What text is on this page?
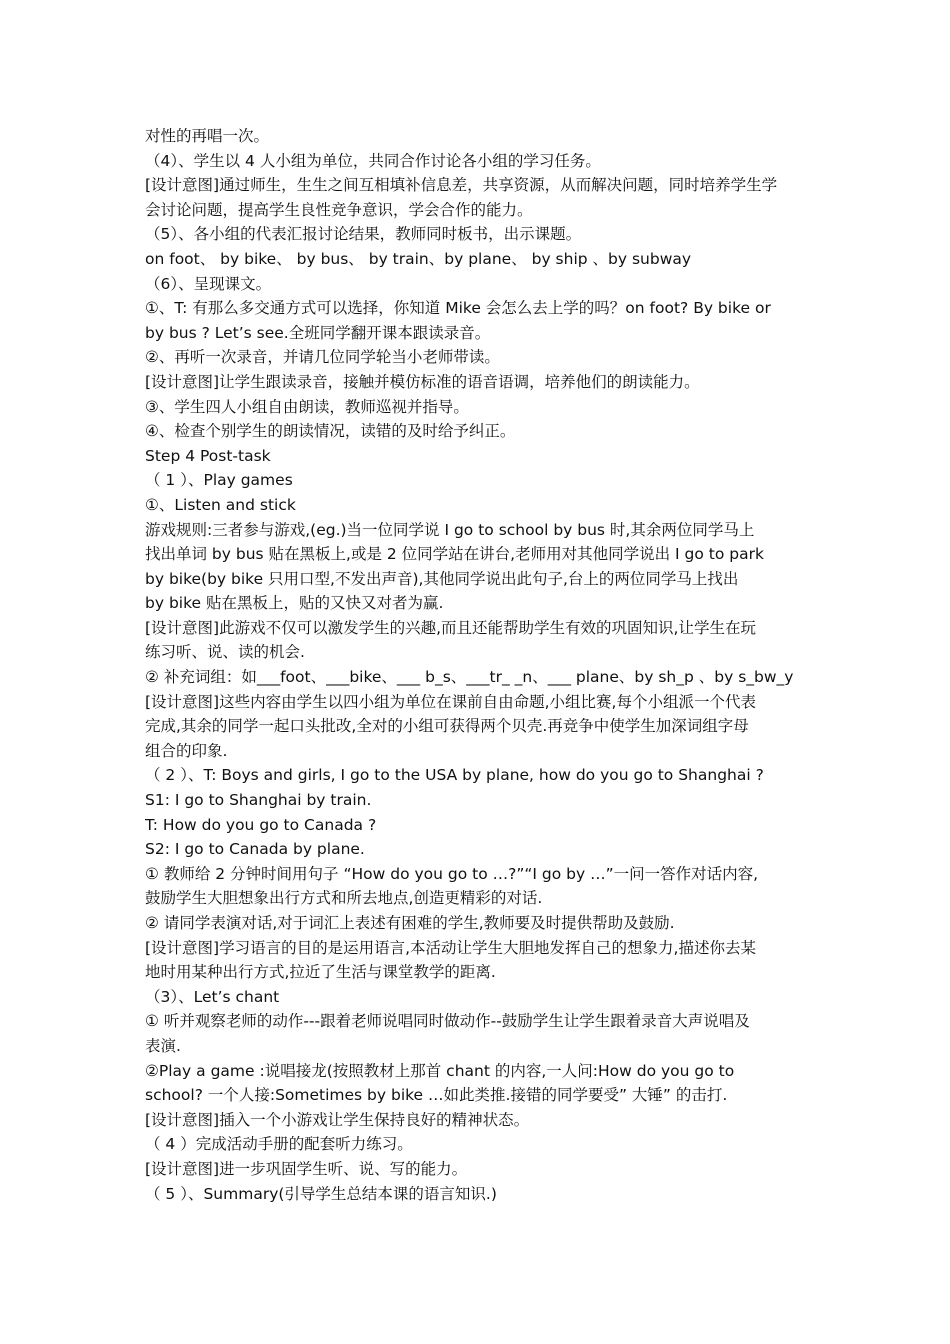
对性的再唱一次。
（4）、学生以 4 人小组为单位，共同合作讨论各小组的学习任务。
[设计意图]通过师生，生生之间互相填补信息差，共享资源，从而解决问题，同时培养学生学
会讨论问题，提高学生良性竞争意识，学会合作的能力。
（5）、各小组的代表汇报讨论结果，教师同时板书，出示课题。
on foot、 by bike、 by bus、 by train、by plane、 by ship 、by subway
（6）、呈现课文。
①、T: 有那么多交通方式可以选择，你知道 Mike 会怎么去上学的吗？on foot? By bike or
by bus ? Let’s see.全班同学翻开课本跟读录音。
②、再听一次录音，并请几位同学轮当小老师带读。
[设计意图]让学生跟读录音，接触并模仿标准的语音语调，培养他们的朗读能力。
③、学生四人小组自由朗读，教师巡视并指导。
④、检查个别学生的朗读情况，读错的及时给予纠正。
Step 4 Post-task
（ 1 ）、Play games
①、Listen and stick
游戏规则:三者参与游戏,(eg.)当一位同学说 I go to school by bus 时,其余两位同学马上
找出单词 by bus 贴在黑板上,或是 2 位同学站在讲台,老师用对其他同学说出 I go to park
by bike(by bike 只用口型,不发出声音),其他同学说出此句子,台上的两位同学马上找出
by bike 贴在黑板上，贴的又快又对者为赢.
[设计意图]此游戏不仅可以激发学生的兴趣,而且还能帮助学生有效的巩固知识,让学生在玩
练习听、说、读的机会.
② 补充词组：如___foot、___bike、___ b_s、___tr_ _n、___ plane、by sh_p 、by s_bw_y
[设计意图]这些内容由学生以四小组为单位在课前自由命题,小组比赛,每个小组派一个代表
完成,其余的同学一起口头批改,全对的小组可获得两个贝壳.再竞争中使学生加深词组字母
组合的印象.
（ 2 ）、T: Boys and girls, I go to the USA by plane, how do you go to Shanghai ?
S1: I go to Shanghai by train.
T: How do you go to Canada ?
S2: I go to Canada by plane.
① 教师给 2 分钟时间用句子 “How do you go to …?”“I go by …”一问一答作对话内容,
鼓励学生大胆想象出行方式和所去地点,创造更精彩的对话.
② 请同学表演对话,对于词汇上表述有困难的学生,教师要及时提供帮助及鼓励.
[设计意图]学习语言的目的是运用语言,本活动让学生大胆地发挥自己的想象力,描述你去某
地时用某种出行方式,拉近了生活与课堂教学的距离.
（3）、Let’s chant
① 听并观察老师的动作---跟着老师说唱同时做动作--鼓励学生让学生跟着录音大声说唱及
表演.
②Play a game :说唱接龙(按照教材上那首 chant 的内容,一人问:How do you go to
school? 一个人接:Sometimes by bike …如此类推.接错的同学要受” 大锤” 的击打.
[设计意图]插入一个小游戏让学生保持良好的精神状态。
（ 4 ）完成活动手册的配套听力练习。
[设计意图]进一步巩固学生听、说、写的能力。
（ 5 ）、Summary(引导学生总结本课的语言知识.)
